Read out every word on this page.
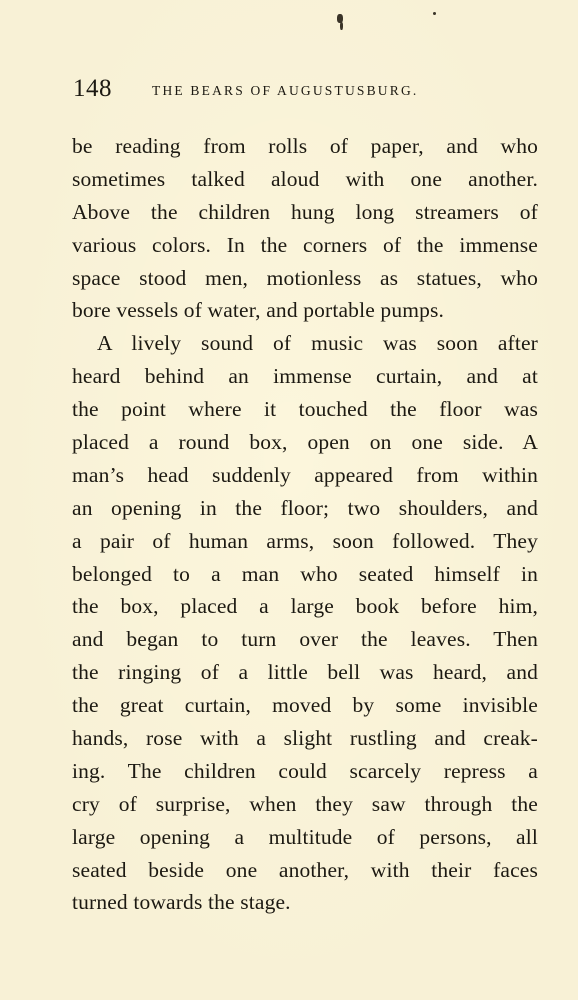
148	THE BEARS OF AUGUSTUSBURG.
be reading from rolls of paper, and who
sometimes talked aloud with one another.
Above the children hung long streamers of
various colors. In the corners of the immense
space stood men, motionless as statues, who
bore vessels of water, and portable pumps.
A lively sound of music was soon after
heard behind an immense curtain, and at
the point where it touched the floor was
placed a round box, open on one side. A
man’s head suddenly appeared from within
an opening in the floor; two shoulders, and
a pair of human arms, soon followed. They
belonged to a man who seated himself in
the box, placed a large book before him,
and began to turn over the leaves. Then
the ringing of a little bell was heard, and
the great curtain, moved by some invisible
hands, rose with a slight rustling and creak-
ing. The children could scarcely repress a
cry of surprise, when they saw through the
large opening a multitude of persons, all
seated beside one another, with their faces
turned towards the stage.
